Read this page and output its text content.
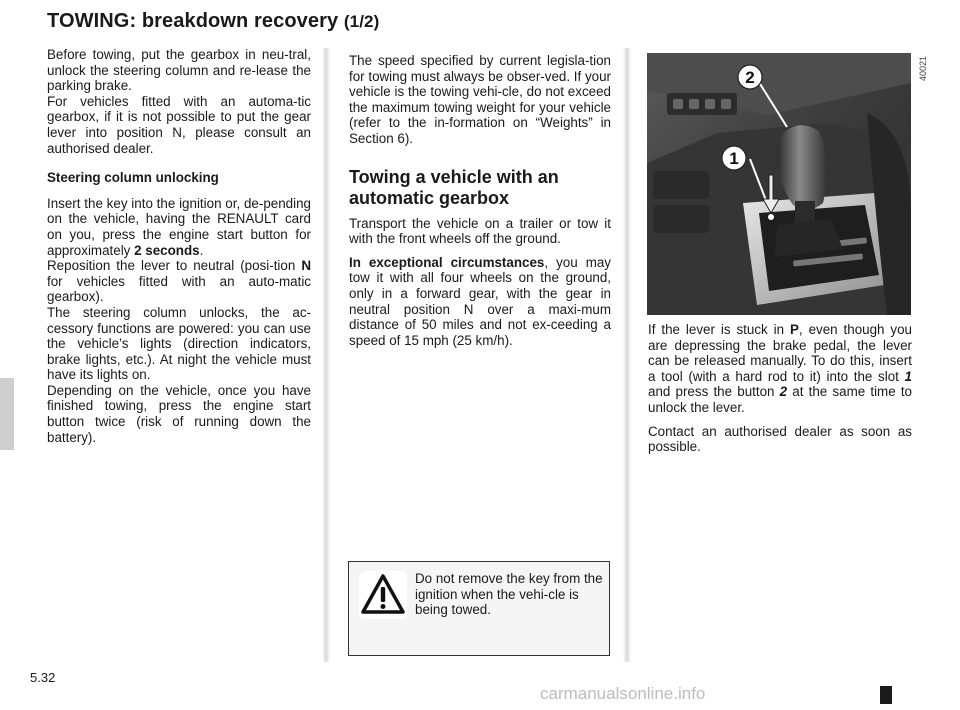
TOWING: breakdown recovery (1/2)

Before towing, put the gearbox in neu-tral, unlock the steering column and re-lease the parking brake.

For vehicles fitted with an automa-tic gearbox, if it is not possible to put the gear lever into position N, please consult an authorised dealer.

Steering column unlocking

Insert the key into the ignition or, de-pending on the vehicle, having the RENAULT card on you, press the engine start button for approximately 2 seconds.

Reposition the lever to neutral (posi-tion N for vehicles fitted with an auto-matic gearbox).

The steering column unlocks, the ac-cessory functions are powered: you can use the vehicle’s lights (direction indicators, brake lights, etc.). At night the vehicle must have its lights on.

Depending on the vehicle, once you have finished towing, press the engine start button twice (risk of running down the battery).

The speed specified by current legisla-tion for towing must always be obser-ved. If your vehicle is the towing vehi-cle, do not exceed the maximum towing weight for your vehicle (refer to the in-formation on “Weights” in Section 6).

Towing a vehicle with an automatic gearbox

Transport the vehicle on a trailer or tow it with the front wheels off the ground.

In exceptional circumstances, you may tow it with all four wheels on the ground, only in a forward gear, with the gear in neutral position N over a maxi-mum distance of 50 miles and not ex-ceeding a speed of 15 mph (25 km/h).

Do not remove the key from the ignition when the vehi-cle is being towed.
2
1
40021

If the lever is stuck in P, even though you are depressing the brake pedal, the lever can be released manually. To do this, insert a tool (with a hard rod to it) into the slot 1 and press the button 2 at the same time to unlock the lever.

Contact an authorised dealer as soon as possible.

5.32
carmanualsonline.info
